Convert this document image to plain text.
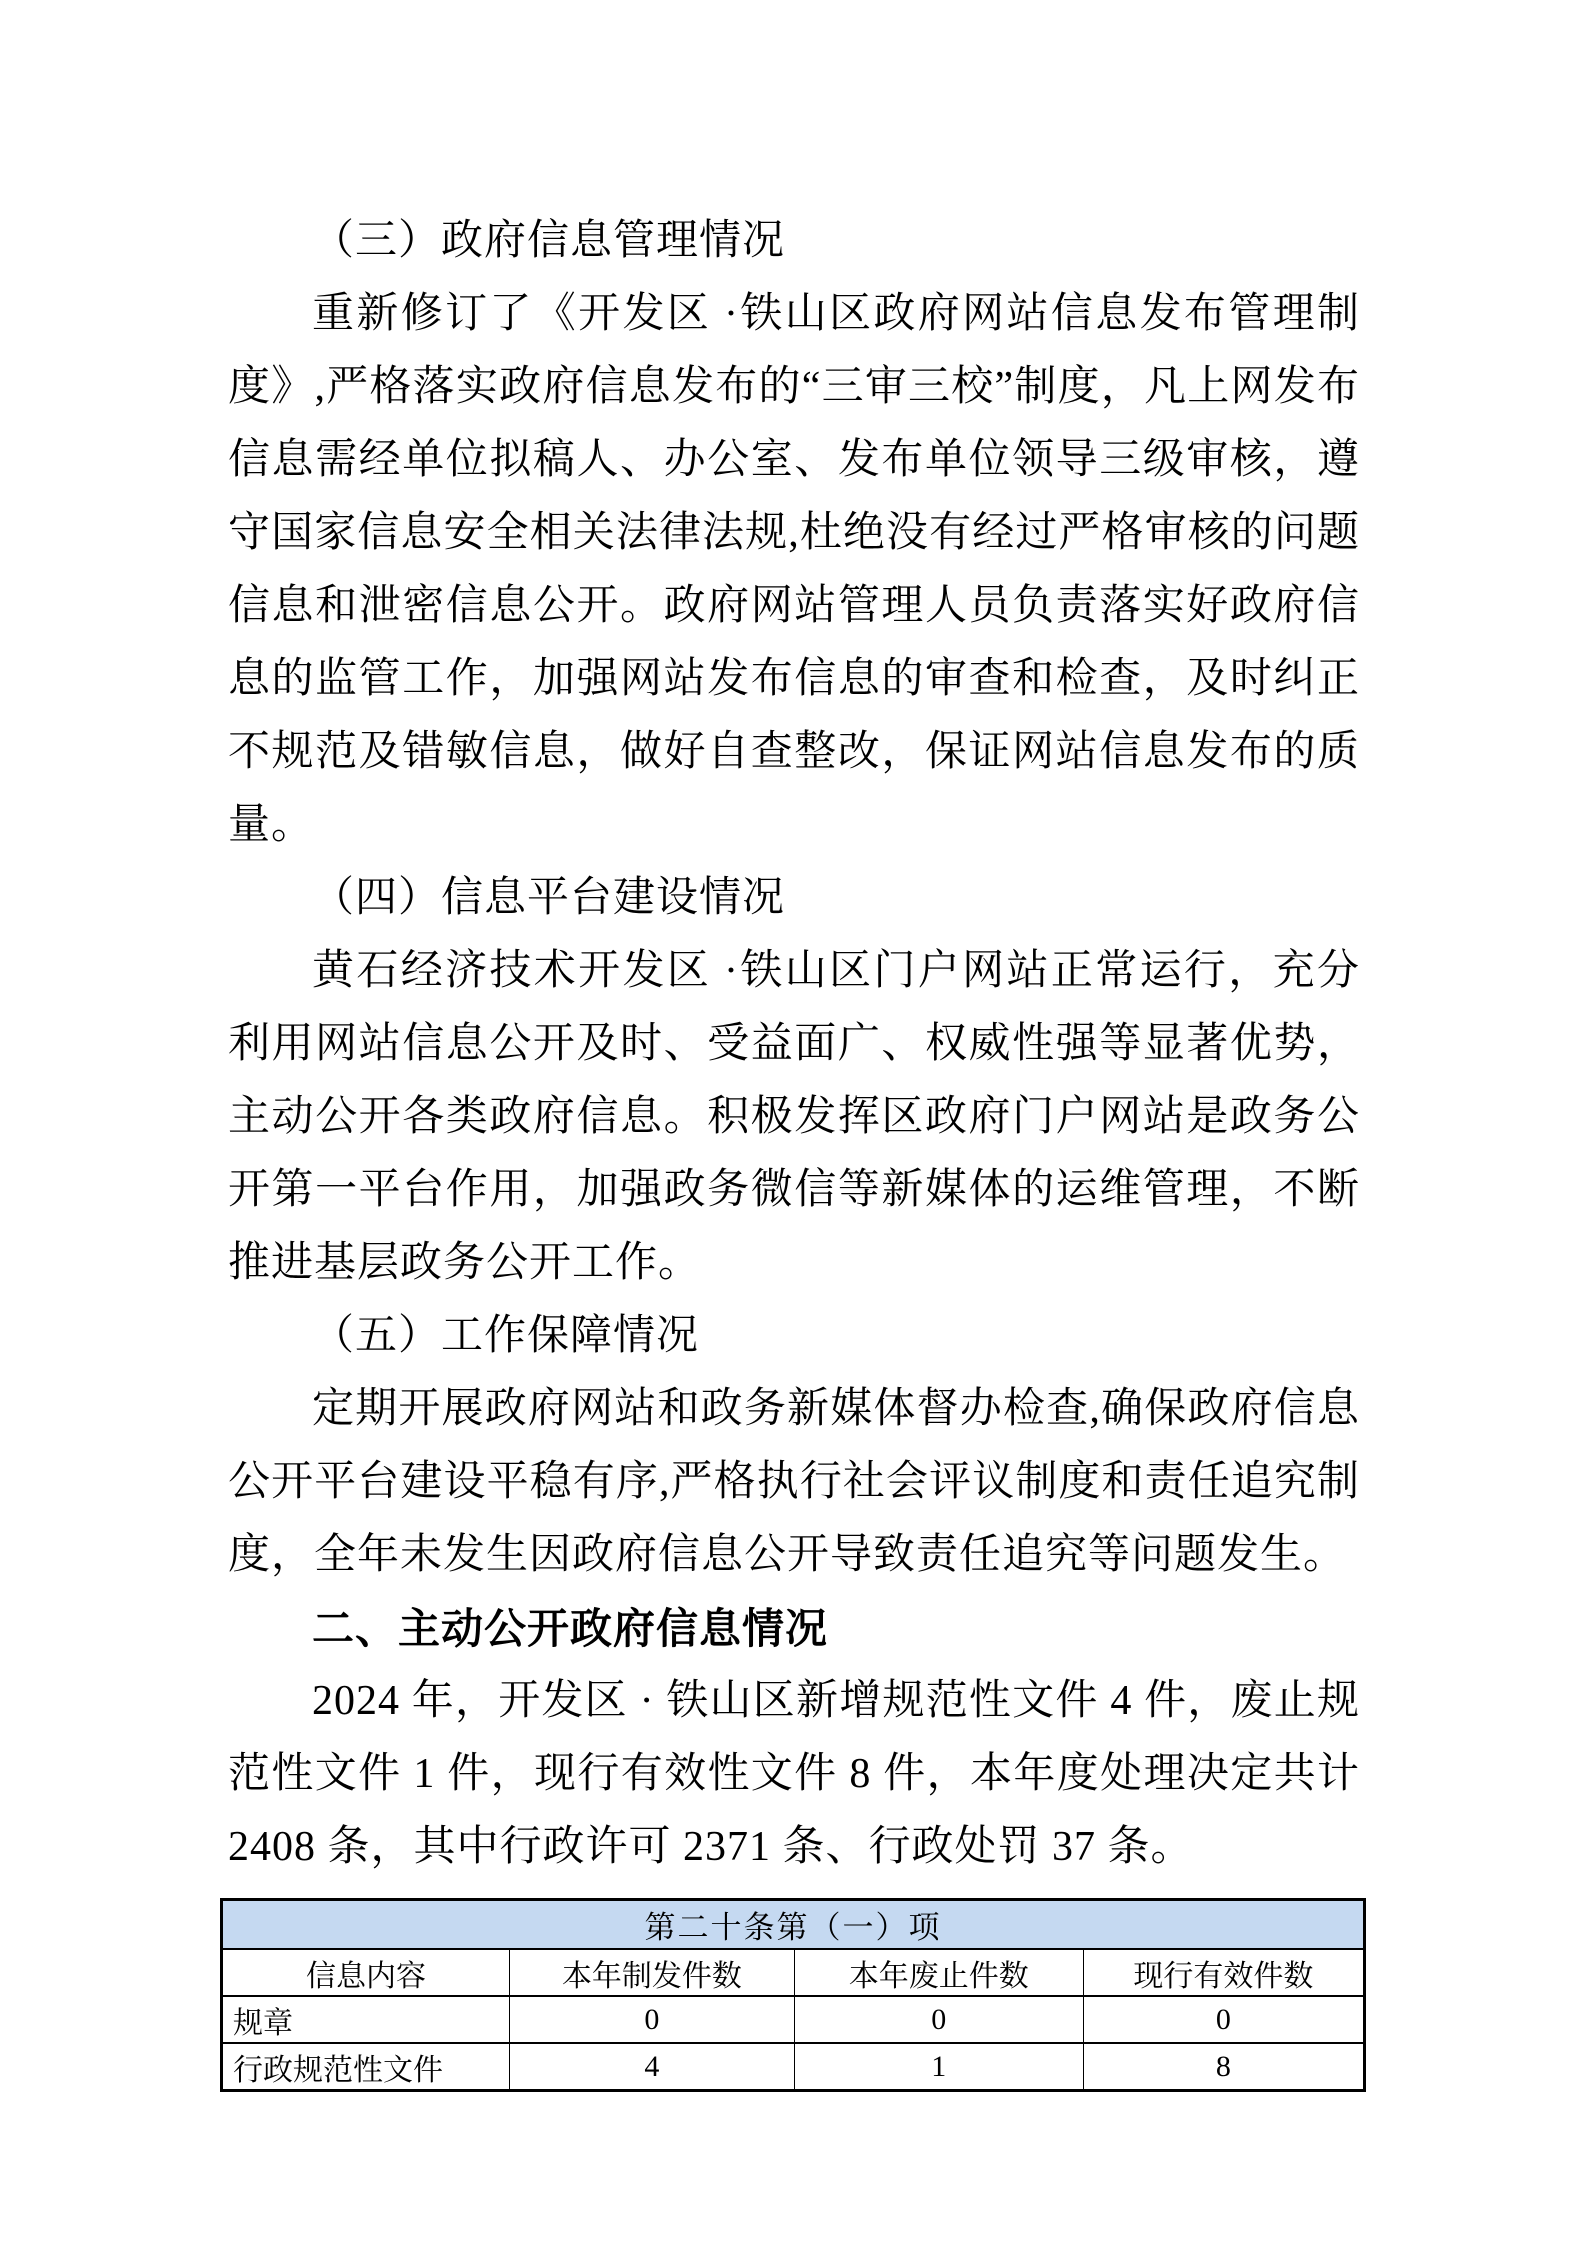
（三）政府信息管理情况

重新修订了《开发区 ·铁山区政府网站信息发布管理制度》,严格落实政府信息发布的“三审三校”制度，凡上网发布信息需经单位拟稿人、办公室、发布单位领导三级审核，遵守国家信息安全相关法律法规,杜绝没有经过严格审核的问题信息和泄密信息公开。政府网站管理人员负责落实好政府信息的监管工作，加强网站发布信息的审查和检查，及时纠正不规范及错敏信息，做好自查整改，保证网站信息发布的质量。

（四）信息平台建设情况

黄石经济技术开发区 ·铁山区门户网站正常运行，充分利用网站信息公开及时、受益面广、权威性强等显著优势，主动公开各类政府信息。积极发挥区政府门户网站是政务公开第一平台作用，加强政务微信等新媒体的运维管理，不断推进基层政务公开工作。

（五）工作保障情况

定期开展政府网站和政务新媒体督办检查,确保政府信息公开平台建设平稳有序,严格执行社会评议制度和责任追究制度，全年未发生因政府信息公开导致责任追究等问题发生。

二、主动公开政府信息情况

2024 年，开发区 · 铁山区新增规范性文件 4 件，废止规范性文件 1 件，现行有效性文件 8 件，本年度处理决定共计 2408 条，其中行政许可 2371 条、行政处罚 37 条。

第二十条第（一）项			
信息内容	本年制发件数	本年废止件数	现行有效件数
规章	0	0	0
行政规范性文件	4	1	8
